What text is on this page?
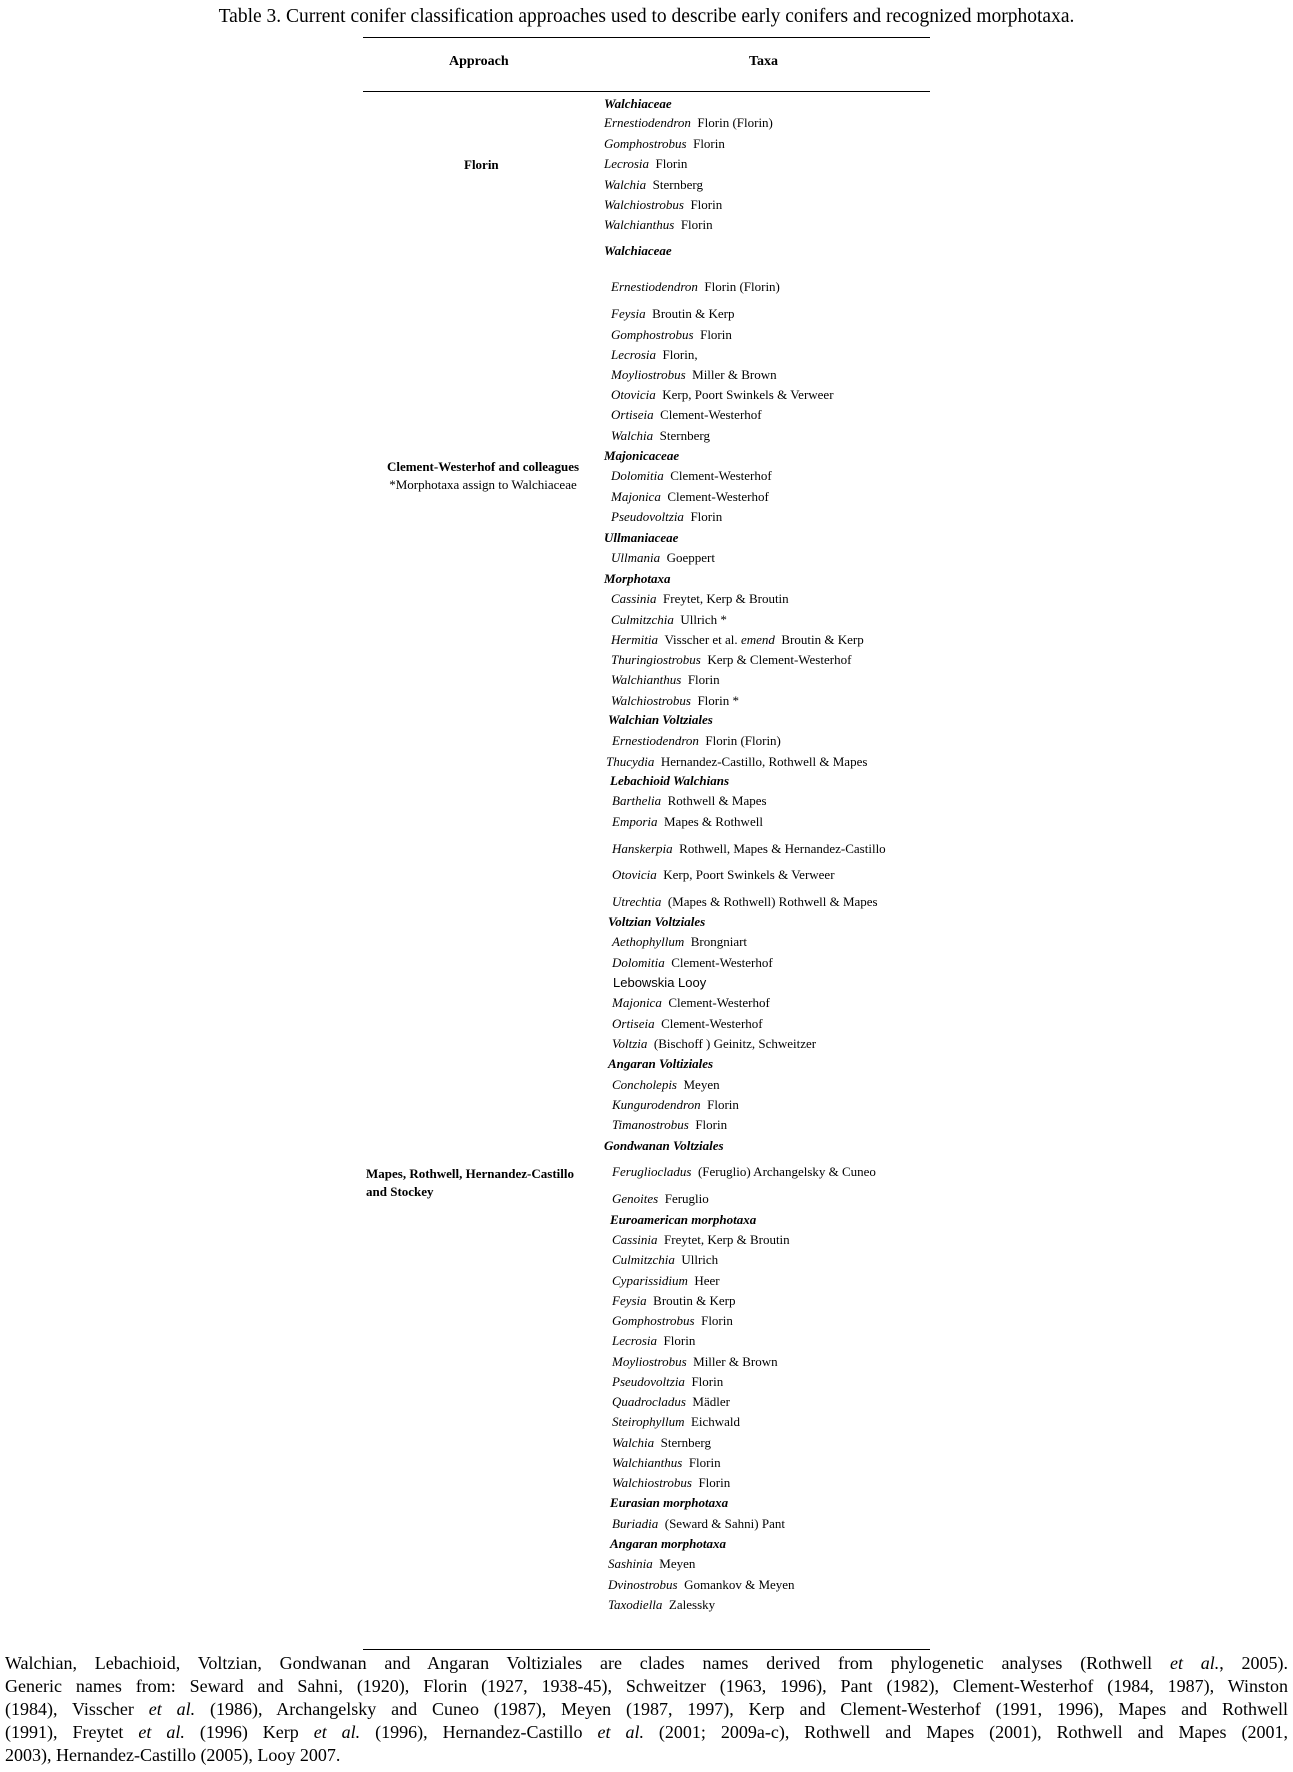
Table 3. Current conifer classification approaches used to describe early conifers and recognized morphotaxa.
Approach	Taxa
Florin
Clement-Westerhof and colleagues
*Morphotaxa assign to Walchiaceae
Mapes, Rothwell, Hernandez-Castillo
and Stockey
Walchiaceae
Ernestiodendron Florin (Florin)
Gomphostrobus Florin
Lecrosia Florin
Walchia Sternberg
Walchiostrobus Florin
Walchianthus Florin
Walchiaceae
Ernestiodendron Florin (Florin)
Feysia Broutin & Kerp
Gomphostrobus Florin
Lecrosia Florin,
Moyliostrobus Miller & Brown
Otovicia Kerp, Poort Swinkels & Verweer
Ortiseia Clement-Westerhof
Walchia Sternberg
Majonicaceae
Dolomitia Clement-Westerhof
Majonica Clement-Westerhof
Pseudovoltzia Florin
Ullmaniaceae
Ullmania Goeppert
Morphotaxa
Cassinia Freytet, Kerp & Broutin
Culmitzchia Ullrich *
Hermitia Visscher et al. emend Broutin & Kerp
Thuringiostrobus Kerp & Clement-Westerhof
Walchianthus Florin
Walchiostrobus Florin *
Walchian Voltziales
Ernestiodendron Florin (Florin)
Thucydia Hernandez-Castillo, Rothwell & Mapes
Lebachioid Walchians
Barthelia Rothwell & Mapes
Emporia Mapes & Rothwell
Hanskerpia Rothwell, Mapes & Hernandez-Castillo
Otovicia Kerp, Poort Swinkels & Verweer
Utrechtia (Mapes & Rothwell) Rothwell & Mapes
Voltzian Voltziales
Aethophyllum Brongniart
Dolomitia Clement-Westerhof
Lebowskia Looy
Majonica Clement-Westerhof
Ortiseia Clement-Westerhof
Voltzia (Bischoff ) Geinitz, Schweitzer
Angaran Voltiziales
Concholepis Meyen
Kungurodendron Florin
Timanostrobus Florin
Gondwanan Voltziales
Ferugliocladus (Feruglio) Archangelsky & Cuneo
Genoites Feruglio
Euroamerican morphotaxa
Cassinia Freytet, Kerp & Broutin
Culmitzchia Ullrich
Cyparissidium Heer
Feysia Broutin & Kerp
Gomphostrobus Florin
Lecrosia Florin
Moyliostrobus Miller & Brown
Pseudovoltzia Florin
Quadrocladus Mädler
Steirophyllum Eichwald
Walchia Sternberg
Walchianthus Florin
Walchiostrobus Florin
Eurasian morphotaxa
Buriadia (Seward & Sahni) Pant
Angaran morphotaxa
Sashinia Meyen
Dvinostrobus Gomankov & Meyen
Taxodiella Zalessky
Walchian, Lebachioid, Voltzian, Gondwanan and Angaran Voltiziales are clades names derived from phylogenetic analyses (Rothwell et al., 2005).
Generic names from: Seward and Sahni, (1920), Florin (1927, 1938-45), Schweitzer (1963, 1996), Pant (1982), Clement-Westerhof (1984, 1987), Winston
(1984), Visscher et al. (1986), Archangelsky and Cuneo (1987), Meyen (1987, 1997), Kerp and Clement-Westerhof (1991, 1996), Mapes and Rothwell
(1991), Freytet et al. (1996) Kerp et al. (1996), Hernandez-Castillo et al. (2001; 2009a-c), Rothwell and Mapes (2001), Rothwell and Mapes (2001,
2003), Hernandez-Castillo (2005), Looy 2007.
